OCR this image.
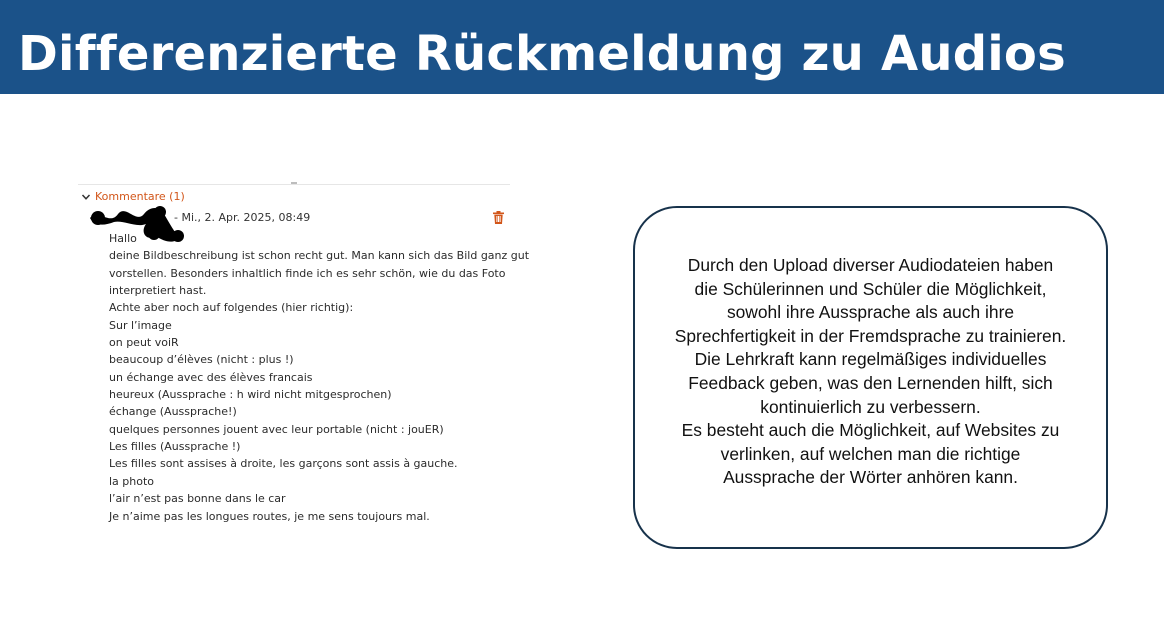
Differenzierte Rückmeldung zu Audios
Kommentare (1)
- Mi., 2. Apr. 2025, 08:49
Hallo
deine Bildbeschreibung ist schon recht gut. Man kann sich das Bild ganz gut
vorstellen. Besonders inhaltlich finde ich es sehr schön, wie du das Foto
interpretiert hast.
Achte aber noch auf folgendes (hier richtig):
Sur l’image
on peut voiR
beaucoup d’élèves (nicht : plus !)
un échange avec des élèves francais
heureux (Aussprache : h wird nicht mitgesprochen)
échange (Aussprache!)
quelques personnes jouent avec leur portable (nicht : jouER)
Les filles (Aussprache !)
Les filles sont assises à droite, les garçons sont assis à gauche.
la photo
l’air n’est pas bonne dans le car
Je n’aime pas les longues routes, je me sens toujours mal.
Durch den Upload diverser Audiodateien haben
die Schülerinnen und Schüler die Möglichkeit,
sowohl ihre Aussprache als auch ihre
Sprechfertigkeit in der Fremdsprache zu trainieren.
Die Lehrkraft kann regelmäßiges individuelles
Feedback geben, was den Lernenden hilft, sich
kontinuierlich zu verbessern.
Es besteht auch die Möglichkeit, auf Websites zu
verlinken, auf welchen man die richtige
Aussprache der Wörter anhören kann.
